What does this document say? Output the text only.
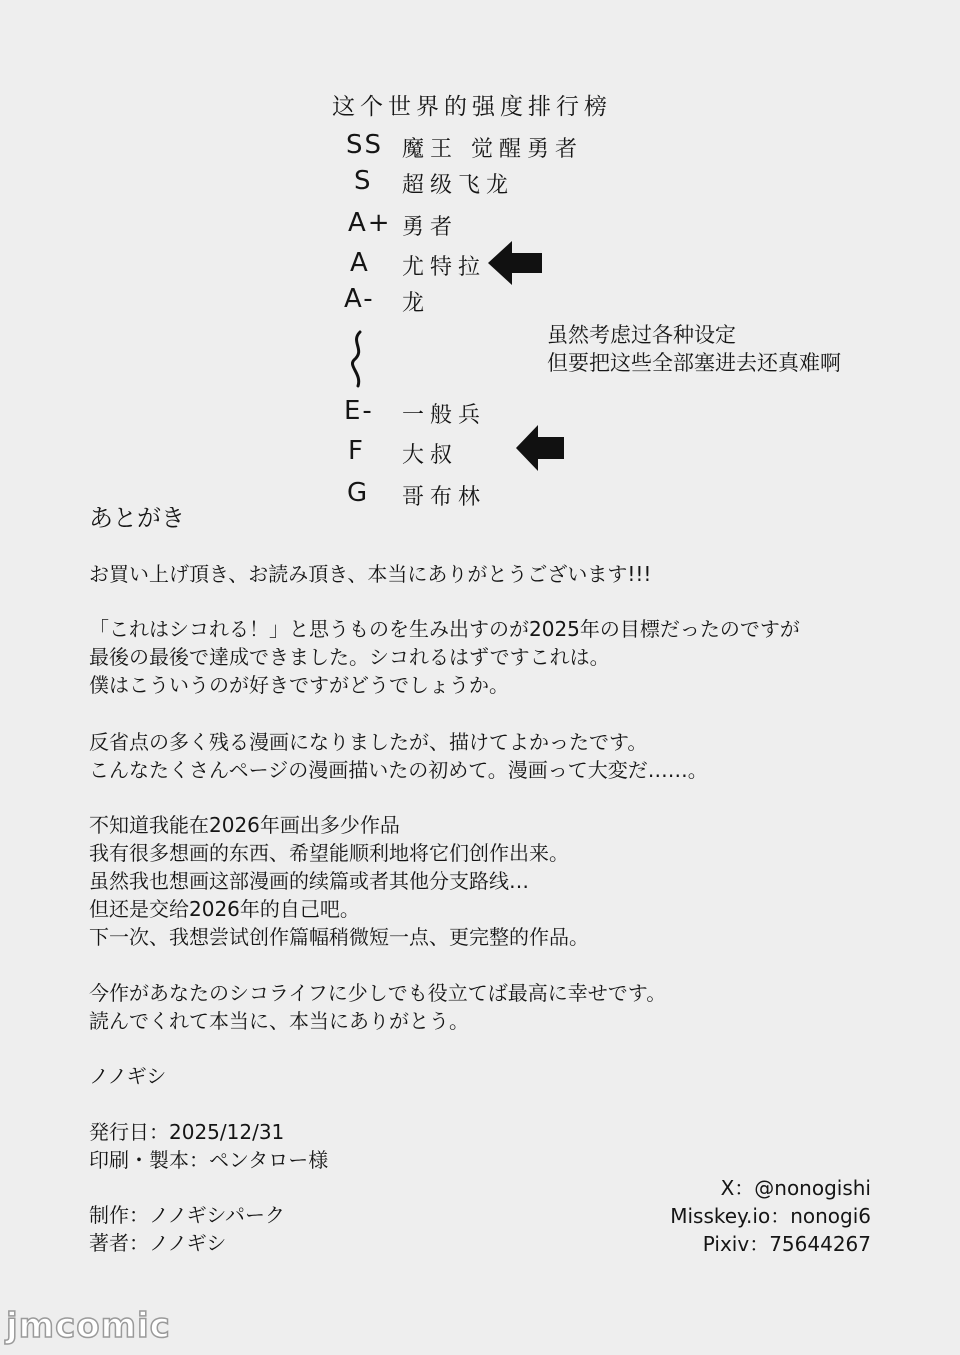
这个世界的强度排行榜
SS 魔王 觉醒勇者
S 超级飞龙
A+ 勇者
A 尤特拉
A- 龙
虽然考虑过各种设定
但要把这些全部塞进去还真难啊
E- 一般兵
F 大叔
G 哥布林
あとがき
お買い上げ頂き、お読み頂き、本当にありがとうございます!!!
「これはシコれる！」と思うものを生み出すのが2025年の目標だったのですが
最後の最後で達成できました。シコれるはずですこれは。
僕はこういうのが好きですがどうでしょうか。
反省点の多く残る漫画になりましたが、描けてよかったです。
こんなたくさんページの漫画描いたの初めて。漫画って大変だ……。
不知道我能在2026年画出多少作品
我有很多想画的东西、希望能顺利地将它们创作出来。
虽然我也想画这部漫画的续篇或者其他分支路线…
但还是交给2026年的自己吧。
下一次、我想尝试创作篇幅稍微短一点、更完整的作品。
今作があなたのシコライフに少しでも役立てば最高に幸せです。
読んでくれて本当に、本当にありがとう。
ノノギシ
発行日：2025/12/31
印刷・製本：ペンタロー様
制作：ノノギシパーク
著者：ノノギシ
X：@nonogishi
Misskey.io：nonogi6
Pixiv：75644267
jmcomic
